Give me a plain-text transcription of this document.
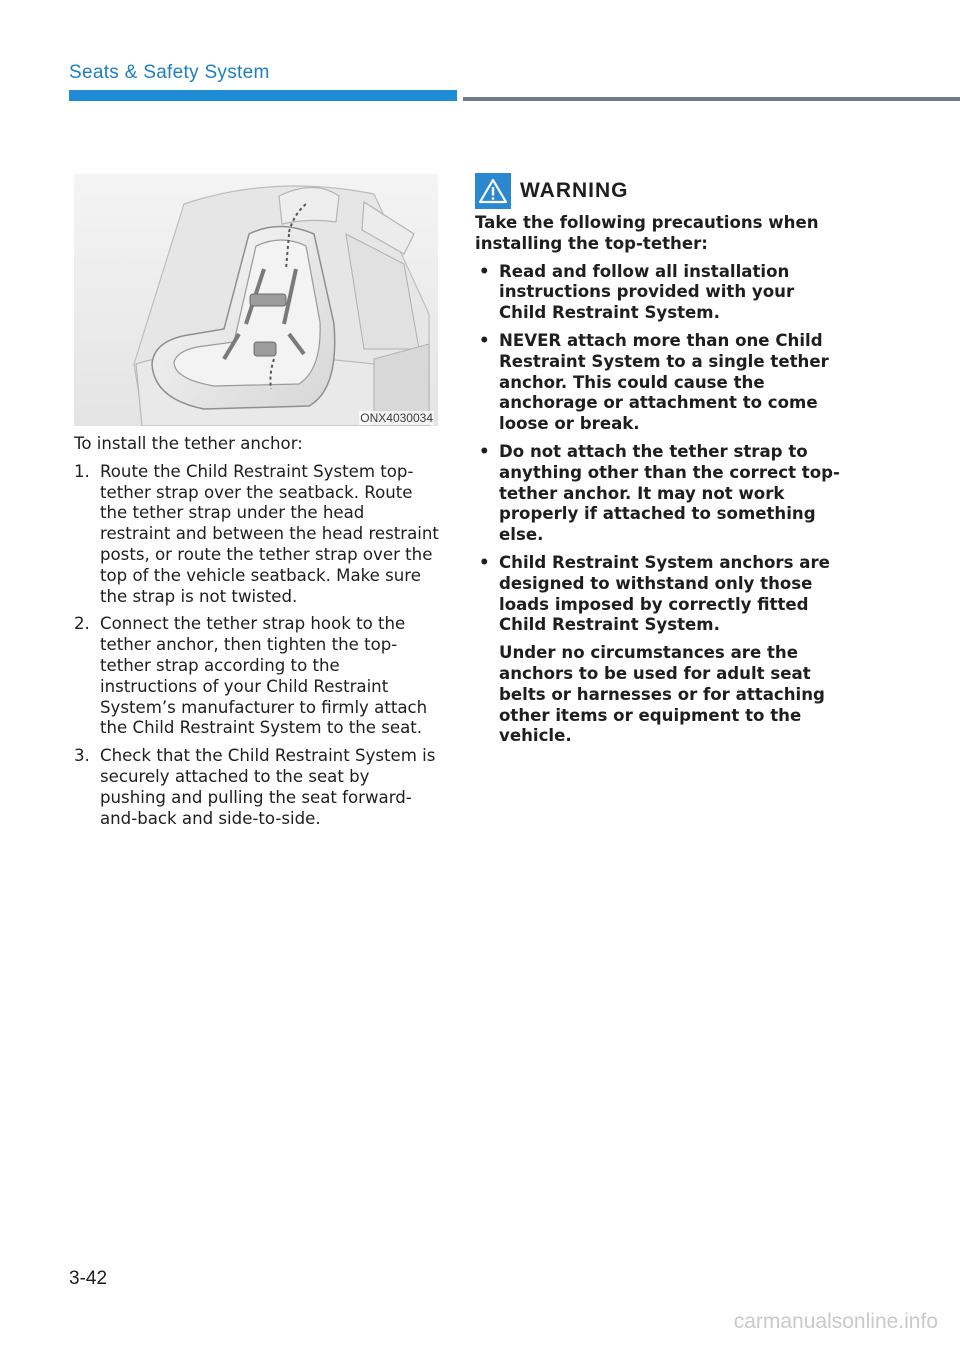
Seats & Safety System
ONX4030034

To install the tether anchor:

1. Route the Child Restraint System top-tether strap over the seatback. Route the tether strap under the head restraint and between the head restraint posts, or route the tether strap over the top of the vehicle seatback. Make sure the strap is not twisted.
2. Connect the tether strap hook to the tether anchor, then tighten the top-tether strap according to the instructions of your Child Restraint System’s manufacturer to firmly attach the Child Restraint System to the seat.
3. Check that the Child Restraint System is securely attached to the seat by pushing and pulling the seat forward-and-back and side-to-side.
WARNING

Take the following precautions when installing the top-tether:

• Read and follow all installation instructions provided with your Child Restraint System.
• NEVER attach more than one Child Restraint System to a single tether anchor. This could cause the anchorage or attachment to come loose or break.
• Do not attach the tether strap to anything other than the correct top-tether anchor. It may not work properly if attached to something else.
• Child Restraint System anchors are designed to withstand only those loads imposed by correctly fitted Child Restraint System.
Under no circumstances are the anchors to be used for adult seat belts or harnesses or for attaching other items or equipment to the vehicle.
3-42
carmanualsonline.info
